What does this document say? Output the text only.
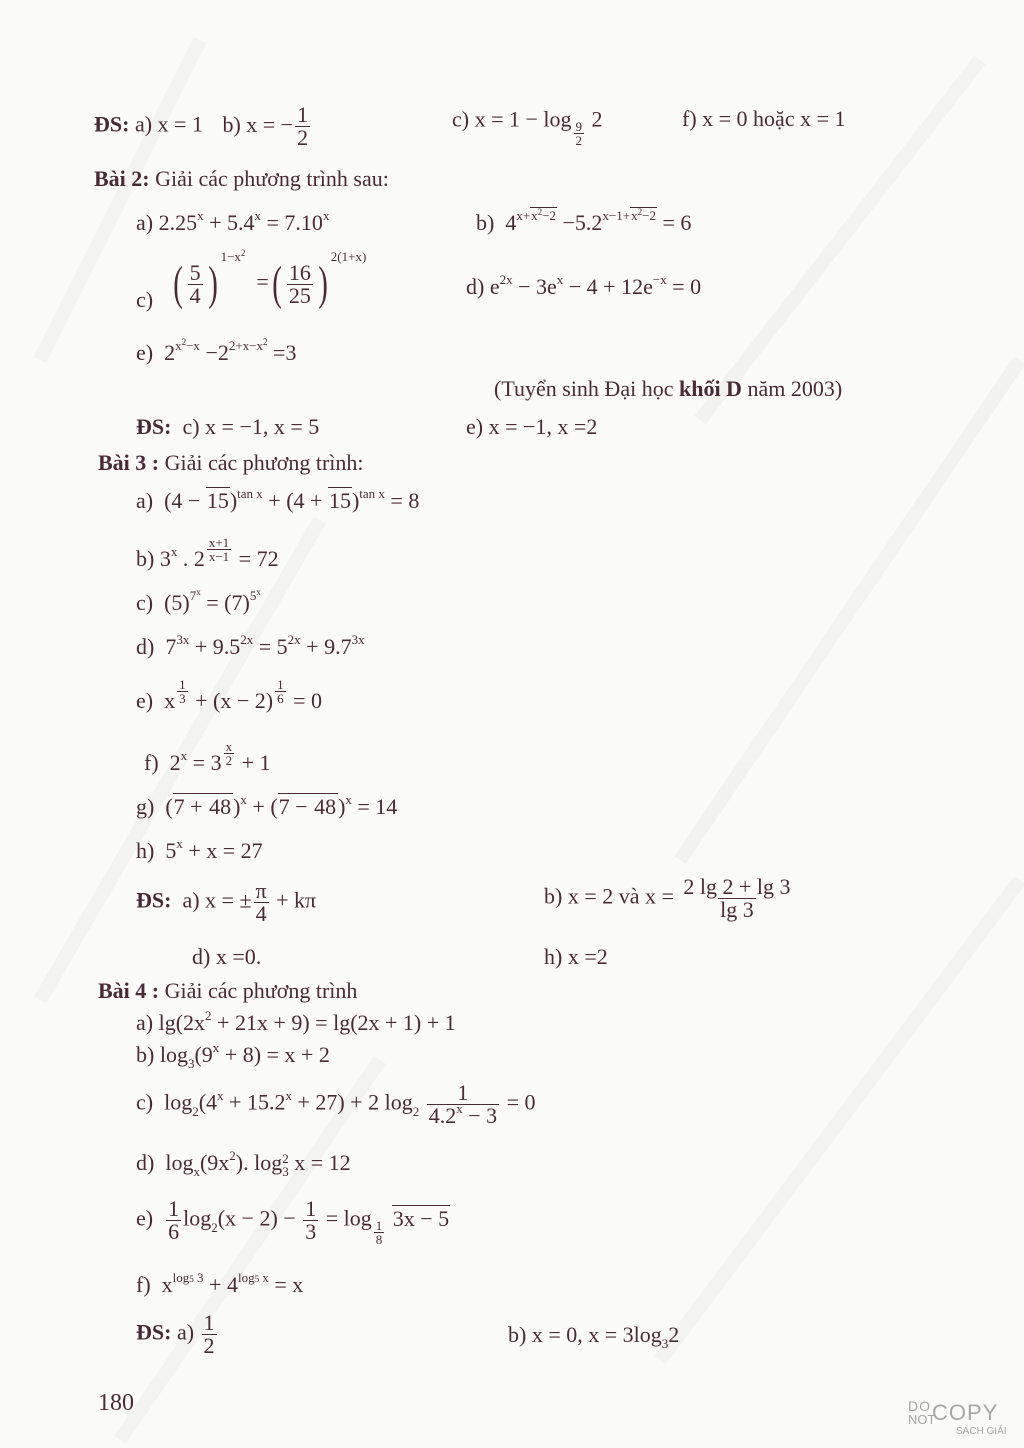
ĐS: a) x = 1 b) x = − $\frac{1}{2}$	c) x = 1 − log
$\frac{9}{2}$
2	f) x = 0 hoặc x = 1
Bài 2: Giải các phương trình sau:
a) $2.25^x + 5.4^x = 7.10^x$	b)  $4^{x+x^2-2} -5.2^{x-1+x^2-2} = 6$
c) ( $\frac{5}{4} )^{1-x^2}$  =( $\frac{16}{25} )^{2(1+x)}$
d) $e^{2x} - 3e^x - 4 + 12e^{-x} = 0$
e)  $2^{x^2-x} -2^{2+x-x^2} =3$
(Tuyển sinh Đại học khối D năm 2003)
ĐS: c) x = −1, x = 5	e) x = −1, x =2
Bài 3 : Giải các phương trình:
a)  $(4 - 15)^{tan x} + (4 + 15)^{tan x} = 8$
b) 3$^x$ . 2 $^{\frac{x+1}{x-1}}$ = 72
c)  $(5)^{7^x} = (7)^{5^x}$
d)  $7^{3x} + 9.5^{2x} = 5^{2x} + 9.7^{3x}$
e)  x $^{\frac{1}{3}}$ + (x − 2) $^{\frac{1}{6}}$ = 0
f)  $2^x = 3$ $^{\frac{x}{2}}$ + 1
g)  $(7 + 48)^x + (7 - 48)^x = 14$
h)  $5^x + x = 27$
ĐS: a) x = ± $\frac{\pi}{4} + k\pi$	b) x = 2 và $x = \frac{2 \lg 2 + \lg 3}{\lg 3}$
d) x =0.	h) x =2
Bài 4 : Giải các phương trình
a) $\lg(2x^2 + 21x + 9) = \lg(2x + 1) + 1$
b) $\log_3(9^x + 8) = x + 2$
c)  $\log_2(4^x + 15.2^x + 27) + 2$ $\log_2 \frac{1}{4.2^x - 3} = 0$
d)  $\log_x(9x^2)$. log 2
3 x = 12
$e) \frac{1}{6} \log_2(x - 2) - \frac{1}{3} = \log$
$\frac{1}{8}$
3x − 5
f)  $x^{log5 3} + 4^{log5 x} = x$
ĐS: $a) \frac{1}{2}$	b) x = 0, $x = 3\log_32$
180	DO
NOT
COPY
SÁCH GIẢI
